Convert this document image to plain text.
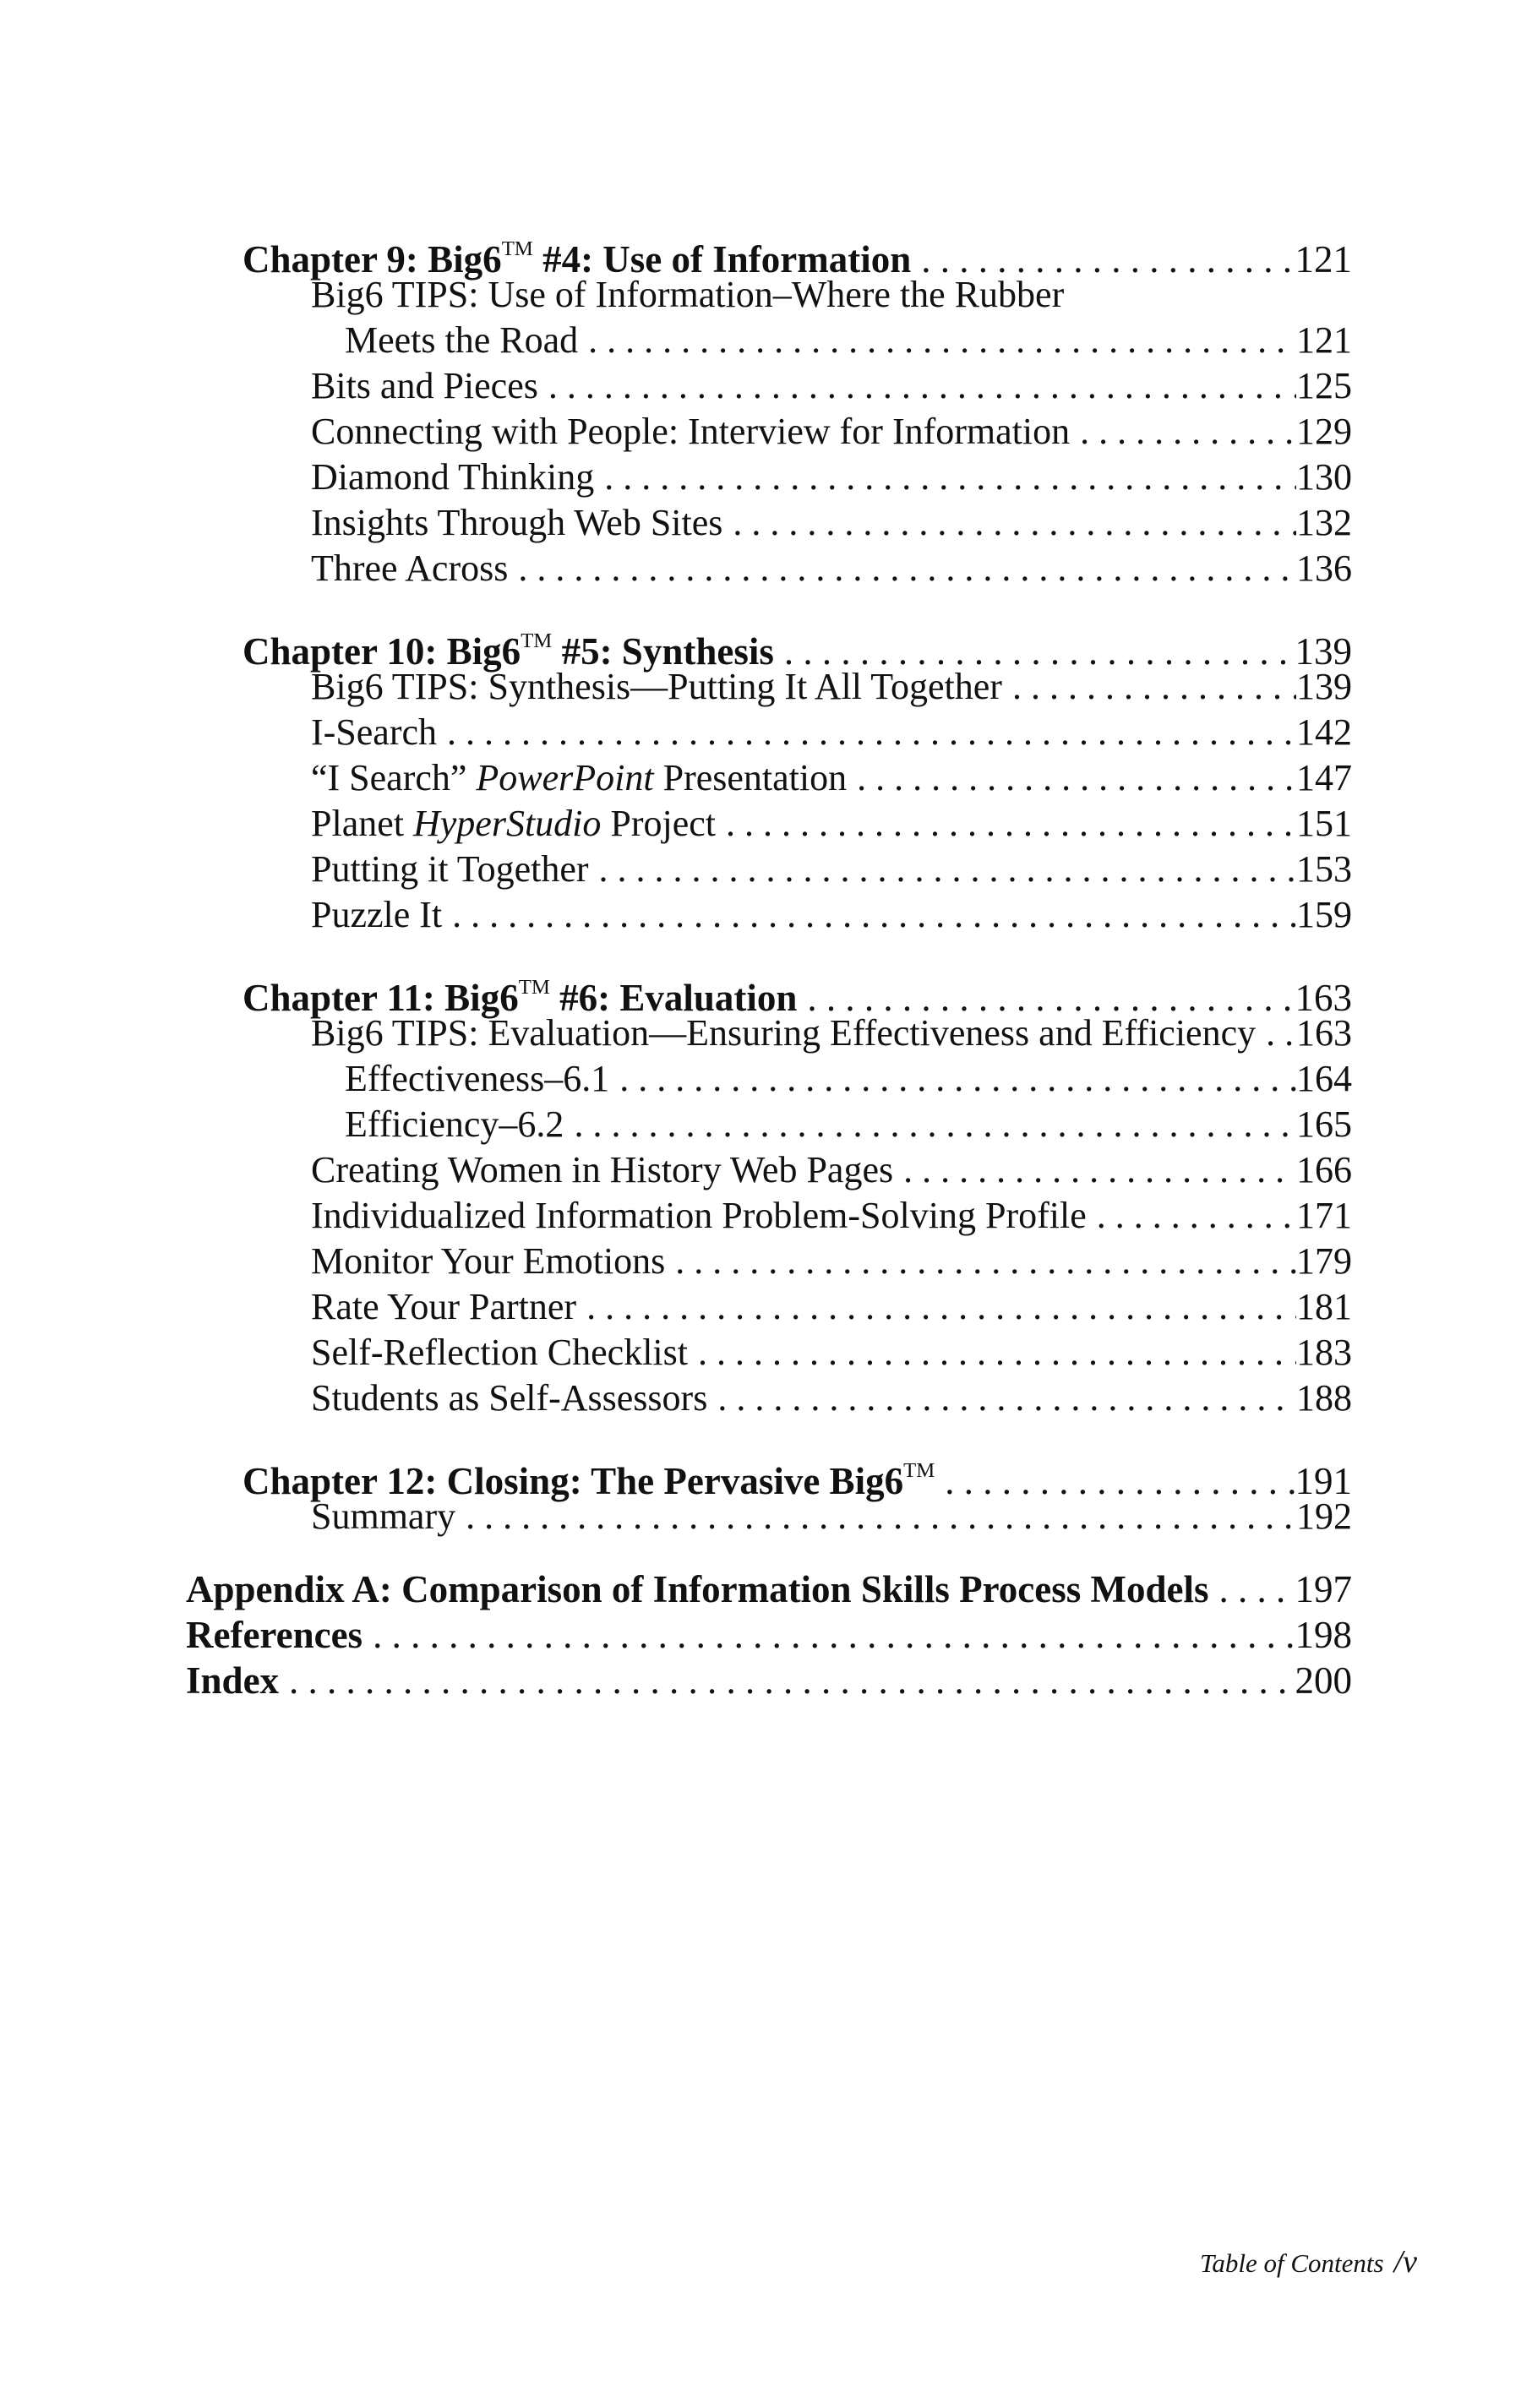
Chapter 9: Big6™ #4: Use of Information . . .	121
Big6 TIPS: Use of Information–Where the Rubber
Meets the Road . . .	121
Bits and Pieces . . .	125
Connecting with People: Interview for Information . . .	129
Diamond Thinking . . .	130
Insights Through Web Sites . . .	132
Three Across . . .	136
Chapter 10: Big6™ #5: Synthesis . . .	139
Big6 TIPS: Synthesis—Putting It All Together . . .	139
I-Search . . .	142
“I Search” PowerPoint Presentation . . .	147
Planet HyperStudio Project . . .	151
Putting it Together . . .	153
Puzzle It . . .	159
Chapter 11: Big6™ #6: Evaluation . . .	163
Big6 TIPS: Evaluation—Ensuring Effectiveness and Efficiency . . . 163
Effectiveness–6.1 . . .	164
Efficiency–6.2 . . .	165
Creating Women in History Web Pages . . .	166
Individualized Information Problem-Solving Profile . . .	171
Monitor Your Emotions . . .	179
Rate Your Partner . . .	181
Self-Reflection Checklist . . .	183
Students as Self-Assessors . . .	188
Chapter 12: Closing: The Pervasive Big6™ . . .	191
Summary . . .	192
Appendix A: Comparison of Information Skills Process Models . . . 197
References . . .	198
Index . . .	200
Table of Contents /v
